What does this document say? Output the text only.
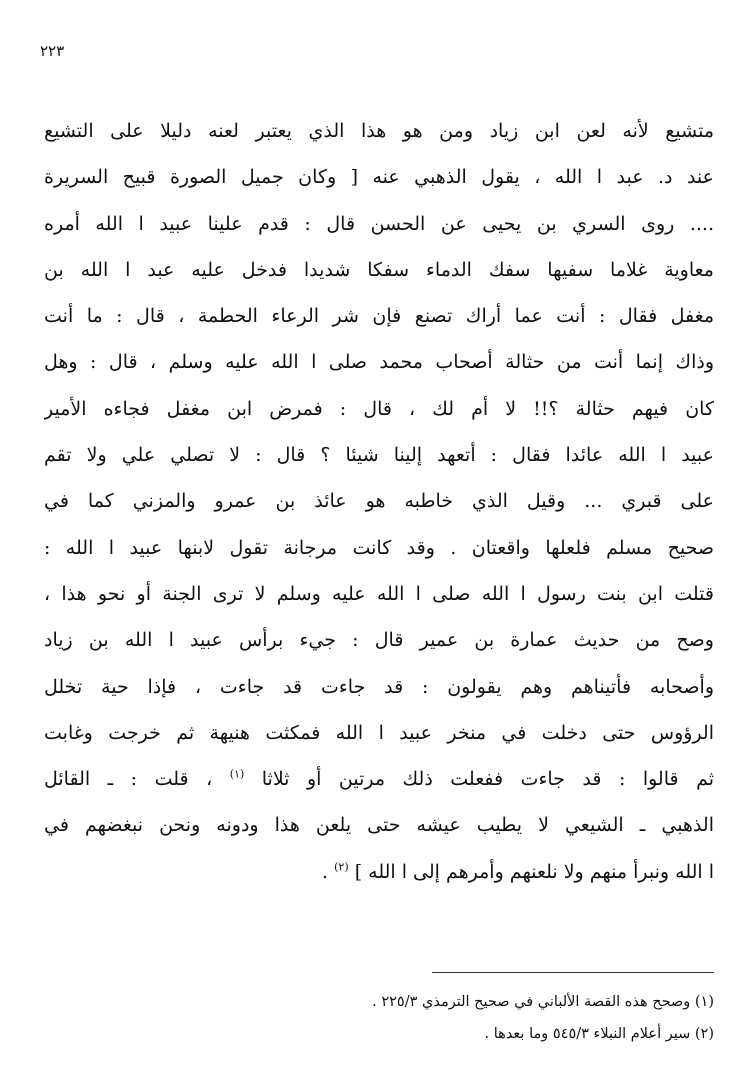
٢٢٣
متشيع لأنه لعن ابن زياد ومن هو هذا الذي يعتبر لعنه دليلا على التشيع
عند د. عبد ا الله ، يقول الذهبي عنه [ وكان جميل الصورة قبيح السريرة
.... روى السري بن يحيى عن الحسن قال : قدم علينا عبيد ا الله أمره
معاوية غلاما سفيها سفك الدماء سفكا شديدا فدخل عليه عبد ا الله بن
مغفل فقال : أنت عما أراك تصنع فإن شر الرعاء الحطمة ، قال : ما أنت
وذاك إنما أنت من حثالة أصحاب محمد صلى ا الله عليه وسلم ، قال : وهل
كان فيهم حثالة ؟!! لا أم لك ، قال : فمرض ابن مغفل فجاءه الأمير
عبيد ا الله عائدا فقال : أتعهد إلينا شيئا ؟ قال : لا تصلي علي ولا تقم
على قبري ... وقيل الذي خاطبه هو عائذ بن عمرو والمزني كما في
صحيح مسلم فلعلها واقعتان . وقد كانت مرجانة تقول لابنها عبيد ا الله :
قتلت ابن بنت رسول ا الله صلى ا الله عليه وسلم لا ترى الجنة أو نحو هذا ،
وصح من حديث عمارة بن عمير قال : جيء برأس عبيد ا الله بن زياد
وأصحابه فأتيناهم وهم يقولون : قد جاءت قد جاءت ، فإذا حية تخلل
الرؤوس حتى دخلت في منخر عبيد ا الله فمكثت هنيهة ثم خرجت وغابت
ثم قالوا : قد جاءت ففعلت ذلك مرتين أو ثلاثا $^{(١)}$ ، قلت : ـ القائل
الذهبي ـ الشيعي لا يطيب عيشه حتى يلعن هذا ودونه ونحن نبغضهم في
ا الله ونبرأ منهم ولا نلعنهم وأمرهم إلى ا الله ] $^{(٢)}$ .
(١) وصحح هذه القصة الألباني في صحيح الترمذي ٢٢٥/٣ .
(٢) سير أعلام النبلاء ٥٤٥/٣ وما بعدها .
